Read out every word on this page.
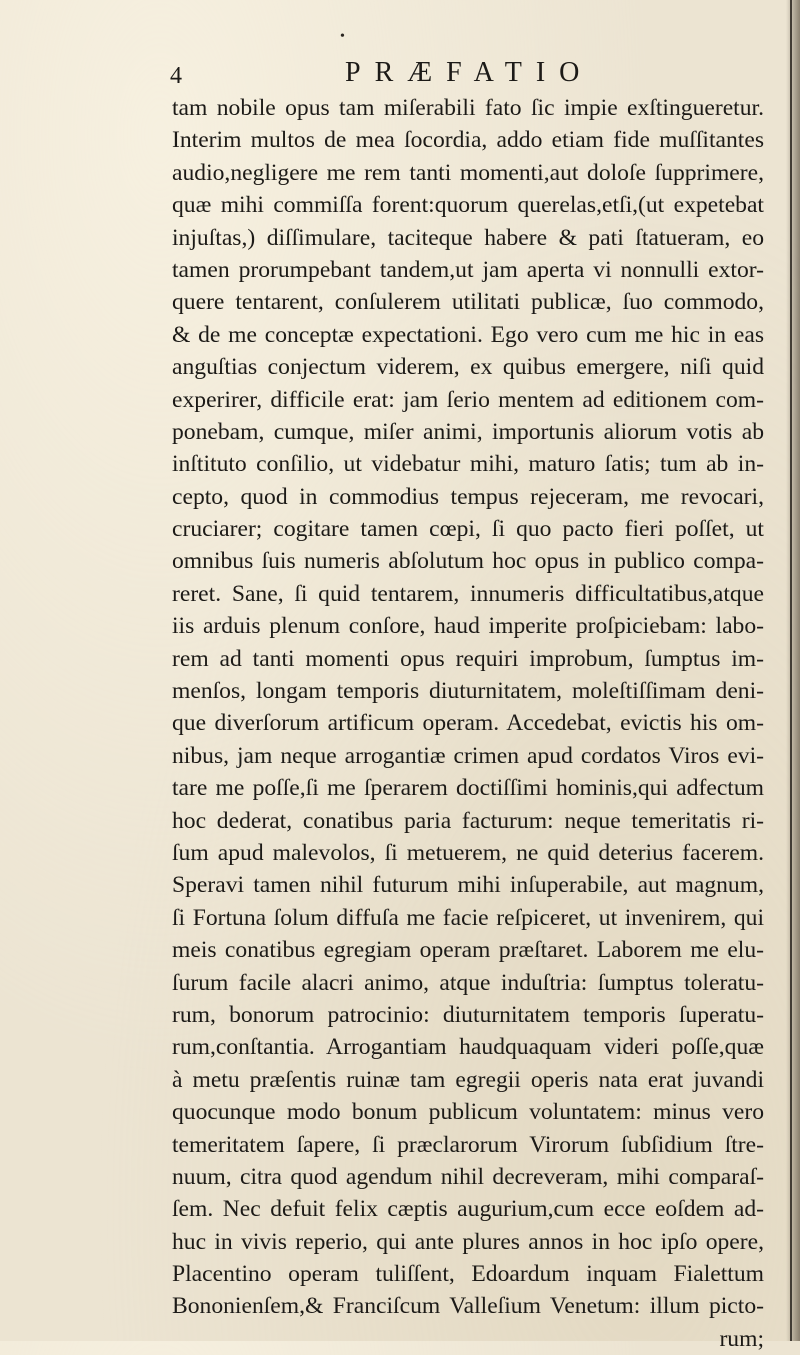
•
4	PRÆFATIO
tam nobile opus tam miſerabili fato ſic impie exſtingueretur.
Interim multos de mea ſocordia, addo etiam fide muſſitantes
audio,negligere me rem tanti momenti,aut doloſe ſupprimere,
quæ mihi commiſſa forent:quorum querelas,etſi,(ut expetebat
injuſtas,) diſſimulare, taciteque habere & pati ſtatueram, eo
tamen prorumpebant tandem,ut jam aperta vi nonnulli extor-
quere tentarent, conſulerem utilitati publicæ, ſuo commodo,
& de me conceptæ expectationi. Ego vero cum me hic in eas
anguſtias conjectum viderem, ex quibus emergere, niſi quid
experirer, difficile erat: jam ſerio mentem ad editionem com-
ponebam, cumque, miſer animi, importunis aliorum votis ab
inſtituto conſilio, ut videbatur mihi, maturo ſatis; tum ab in-
cepto, quod in commodius tempus rejeceram, me revocari,
cruciarer; cogitare tamen cœpi, ſi quo pacto fieri poſſet, ut
omnibus ſuis numeris abſolutum hoc opus in publico compa-
reret. Sane, ſi quid tentarem, innumeris difficultatibus,atque
iis arduis plenum conſore, haud imperite proſpiciebam: labo-
rem ad tanti momenti opus requiri improbum, ſumptus im-
menſos, longam temporis diuturnitatem, moleſtiſſimam deni-
que diverſorum artificum operam. Accedebat, evictis his om-
nibus, jam neque arrogantiæ crimen apud cordatos Viros evi-
tare me poſſe,ſi me ſperarem doctiſſimi hominis,qui adfectum
hoc dederat, conatibus paria facturum: neque temeritatis ri-
ſum apud malevolos, ſi metuerem, ne quid deterius facerem.
Speravi tamen nihil futurum mihi inſuperabile, aut magnum,
ſi Fortuna ſolum diffuſa me facie reſpiceret, ut invenirem, qui
meis conatibus egregiam operam præſtaret. Laborem me elu-
ſurum facile alacri animo, atque induſtria: ſumptus toleratu-
rum, bonorum patrocinio: diuturnitatem temporis ſuperatu-
rum,conſtantia. Arrogantiam haudquaquam videri poſſe,quæ
à metu præſentis ruinæ tam egregii operis nata erat juvandi
quocunque modo bonum publicum voluntatem: minus vero
temeritatem ſapere, ſi præclarorum Virorum ſubſidium ſtre-
nuum, citra quod agendum nihil decreveram, mihi comparaſ-
ſem. Nec defuit felix cæptis augurium,cum ecce eoſdem ad-
huc in vivis reperio, qui ante plures annos in hoc ipſo opere,
Placentino operam tuliſſent, Edoardum inquam Fialettum
Bononienſem,& Franciſcum Valleſium Venetum: illum picto-
rum;
